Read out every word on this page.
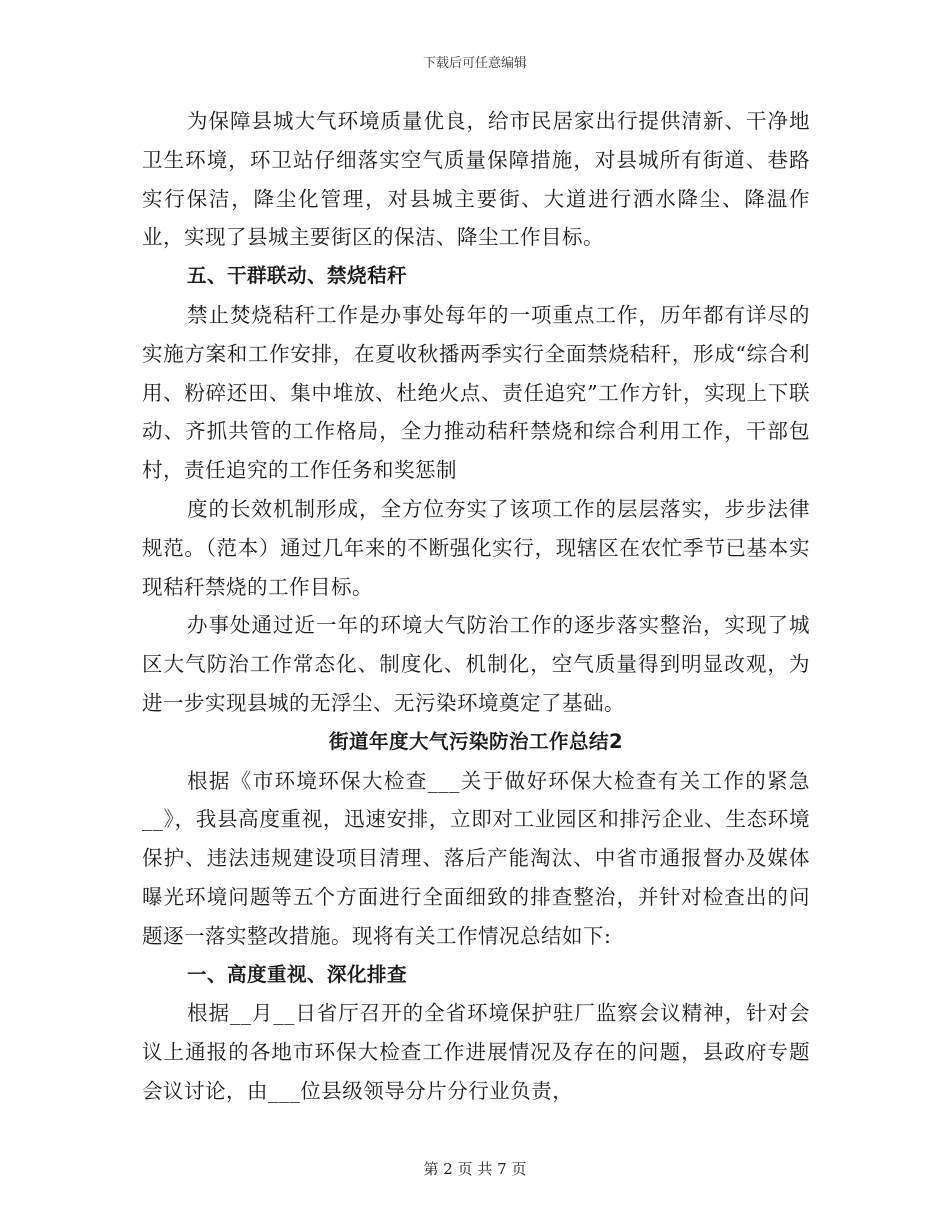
下载后可任意编辑

为保障县城大气环境质量优良，给市民居家出行提供清新、干净地卫生环境，环卫站仔细落实空气质量保障措施，对县城所有街道、巷路实行保洁，降尘化管理，对县城主要街、大道进行洒水降尘、降温作业，实现了县城主要街区的保洁、降尘工作目标。

五、干群联动、禁烧秸秆

禁止焚烧秸秆工作是办事处每年的一项重点工作，历年都有详尽的实施方案和工作安排，在夏收秋播两季实行全面禁烧秸秆，形成“综合利用、粉碎还田、集中堆放、杜绝火点、责任追究”工作方针，实现上下联动、齐抓共管的工作格局，全力推动秸秆禁烧和综合利用工作，干部包村，责任追究的工作任务和奖惩制

度的长效机制形成，全方位夯实了该项工作的层层落实，步步法律规范。（范本）通过几年来的不断强化实行，现辖区在农忙季节已基本实现秸秆禁烧的工作目标。

办事处通过近一年的环境大气防治工作的逐步落实整治，实现了城区大气防治工作常态化、制度化、机制化，空气质量得到明显改观，为进一步实现县城的无浮尘、无污染环境奠定了基础。

街道年度大气污染防治工作总结2

根据《市环境环保大检查___关于做好环保大检查有关工作的紧急__》，我县高度重视，迅速安排，立即对工业园区和排污企业、生态环境保护、违法违规建设项目清理、落后产能淘汰、中省市通报督办及媒体曝光环境问题等五个方面进行全面细致的排查整治，并针对检查出的问题逐一落实整改措施。现将有关工作情况总结如下:

一、高度重视、深化排查

根据__月__日省厅召开的全省环境保护驻厂监察会议精神，针对会议上通报的各地市环保大检查工作进展情况及存在的问题，县政府专题会议讨论，由___位县级领导分片分行业负责，

第 2 页 共 7 页
